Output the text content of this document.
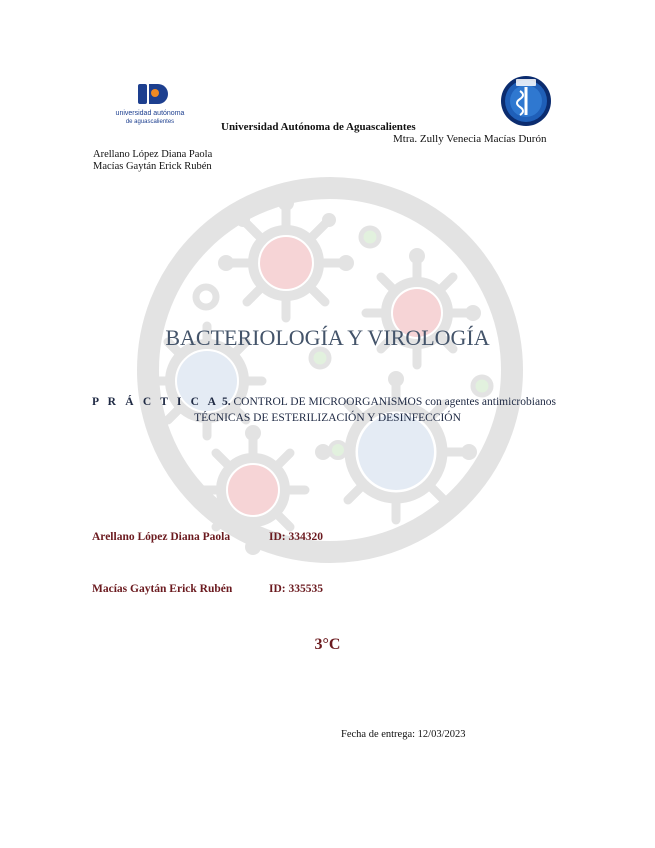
universidad autónoma
de aguascalientes	Universidad Autónoma de Aguascalientes
Mtra. Zully Venecia Macías Durón
Arellano López Diana Paola
Macías Gaytán Erick Rubén
BACTERIOLOGÍA Y VIROLOGÍA
P R Á C T I C A 5. CONTROL DE MICROORGANISMOS con agentes antimicrobianos
TÉCNICAS DE ESTERILIZACIÓN Y DESINFECCIÓN
Arellano López Diana Paola	ID: 334320
Macías Gaytán Erick Rubén	ID: 335535
3°C
Fecha de entrega: 12/03/2023
